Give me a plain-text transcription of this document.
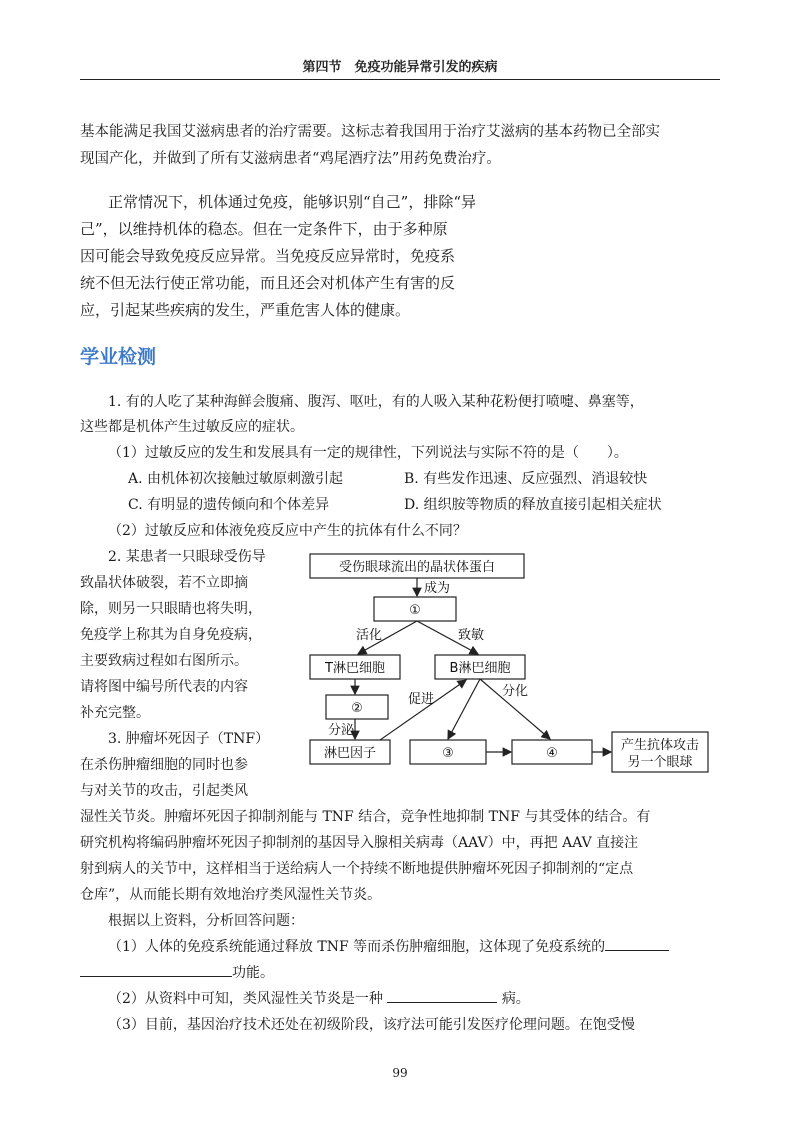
第四节　免疫功能异常引发的疾病
基本能满足我国艾滋病患者的治疗需要。这标志着我国用于治疗艾滋病的基本药物已全部实
现国产化，并做到了所有艾滋病患者“鸡尾酒疗法”用药免费治疗。
正常情况下，机体通过免疫，能够识别“自己”，排除“异
己”，以维持机体的稳态。但在一定条件下，由于多种原
因可能会导致免疫反应异常。当免疫反应异常时，免疫系
统不但无法行使正常功能，而且还会对机体产生有害的反
应，引起某些疾病的发生，严重危害人体的健康。
学业检测
1. 有的人吃了某种海鲜会腹痛、腹泻、呕吐，有的人吸入某种花粉便打喷嚏、鼻塞等，
这些都是机体产生过敏反应的症状。
（1）过敏反应的发生和发展具有一定的规律性，下列说法与实际不符的是（　　）。
A. 由机体初次接触过敏原刺激引起	B. 有些发作迅速、反应强烈、消退较快
C. 有明显的遗传倾向和个体差异	D. 组织胺等物质的释放直接引起相关症状
（2）过敏反应和体液免疫反应中产生的抗体有什么不同？
2. 某患者一只眼球受伤导
致晶状体破裂，若不立即摘
除，则另一只眼睛也将失明，
免疫学上称其为自身免疫病，
主要致病过程如右图所示。
请将图中编号所代表的内容
补充完整。
3. 肿瘤坏死因子（TNF）
在杀伤肿瘤细胞的同时也参
与对关节的攻击，引起类风
受伤眼球流出的晶状体蛋白
成为
①
活化	致敏
T淋巴细胞	B淋巴细胞
②
促进
分化
分泌
淋巴因子	③	④
产生抗体攻击
另一个眼球
湿性关节炎。肿瘤坏死因子抑制剂能与 TNF 结合，竞争性地抑制 TNF 与其受体的结合。有
研究机构将编码肿瘤坏死因子抑制剂的基因导入腺相关病毒（AAV）中，再把 AAV 直接注
射到病人的关节中，这样相当于送给病人一个持续不断地提供肿瘤坏死因子抑制剂的“定点
仓库”，从而能长期有效地治疗类风湿性关节炎。
根据以上资料，分析回答问题：
（1）人体的免疫系统能通过释放 TNF 等而杀伤肿瘤细胞，这体现了免疫系统的
功能。
（2）从资料中可知，类风湿性关节炎是一种	病。
（3）目前，基因治疗技术还处在初级阶段，该疗法可能引发医疗伦理问题。在饱受慢
99
